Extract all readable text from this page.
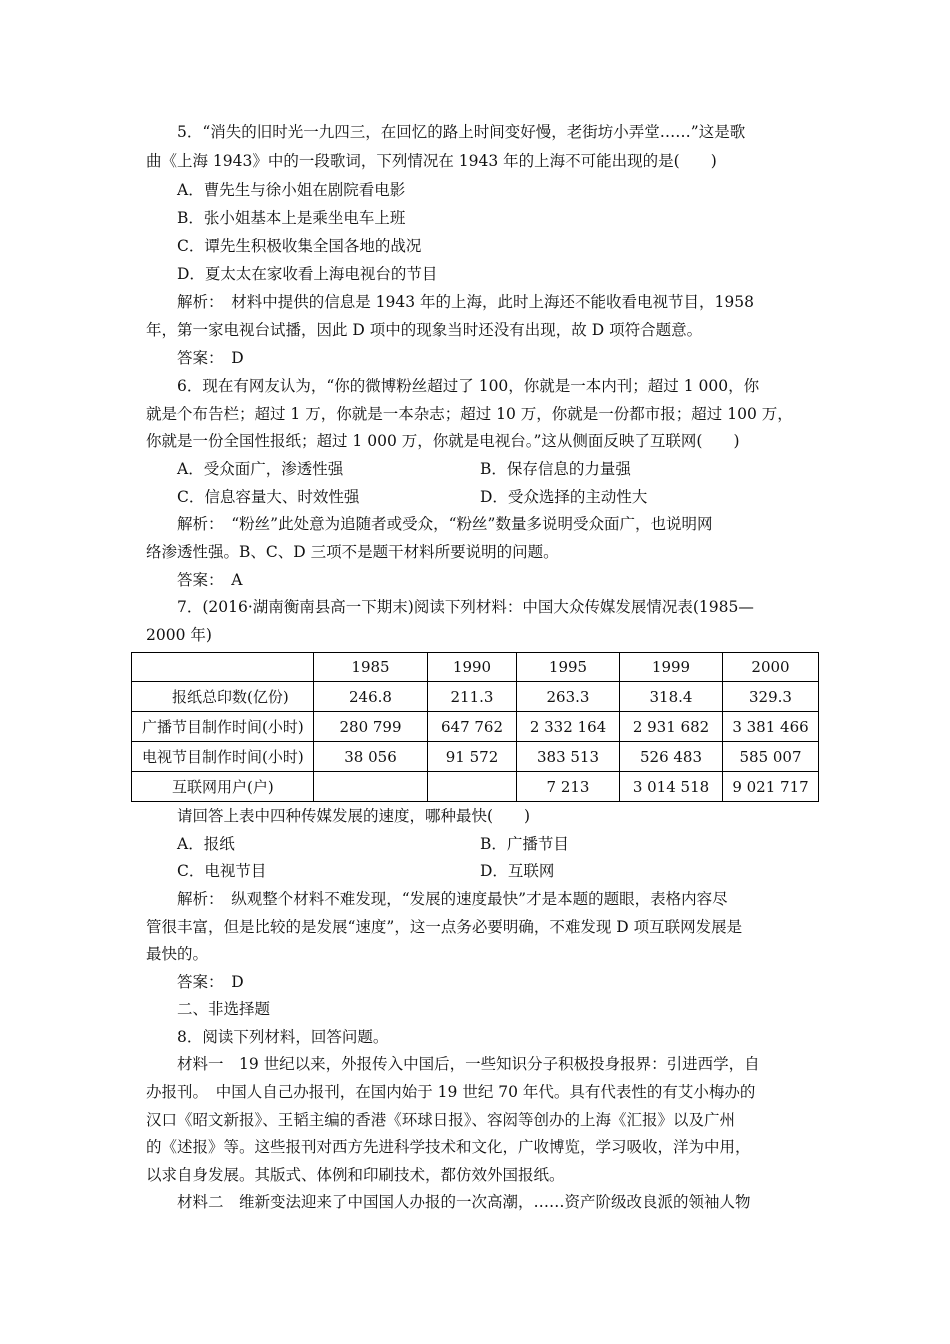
5．“消失的旧时光一九四三，在回忆的路上时间变好慢，老街坊小弄堂……”这是歌
曲《上海 1943》中的一段歌词，下列情况在 1943 年的上海不可能出现的是(　　)
A．曹先生与徐小姐在剧院看电影
B．张小姐基本上是乘坐电车上班
C．谭先生积极收集全国各地的战况
D．夏太太在家收看上海电视台的节目
解析：　材料中提供的信息是 1943 年的上海，此时上海还不能收看电视节目，1958
年，第一家电视台试播，因此 D 项中的现象当时还没有出现，故 D 项符合题意。
答案：　D
6．现在有网友认为，“你的微博粉丝超过了 100，你就是一本内刊；超过 1 000，你
就是个布告栏；超过 1 万，你就是一本杂志；超过 10 万，你就是一份都市报；超过 100 万，
你就是一份全国性报纸；超过 1 000 万，你就是电视台。”这从侧面反映了互联网(　　)
A．受众面广，渗透性强	B．保存信息的力量强
C．信息容量大、时效性强	D．受众选择的主动性大
解析：　“粉丝”此处意为追随者或受众，“粉丝”数量多说明受众面广，也说明网
络渗透性强。B、C、D 三项不是题干材料所要说明的问题。
答案：　A
7．(2016·湖南衡南县高一下期末)阅读下列材料：中国大众传媒发展情况表(1985—
2000 年)
	1985	1990	1995	1999	2000
报纸总印数(亿份)	246.8	211.3	263.3	318.4	329.3
广播节目制作时间(小时)	280 799	647 762	2 332 164	2 931 682	3 381 466
电视节目制作时间(小时)	38 056	91 572	383 513	526 483	585 007
互联网用户(户)			7 213	3 014 518	9 021 717
请回答上表中四种传媒发展的速度，哪种最快(　　)
A．报纸	B．广播节目
C．电视节目	D．互联网
解析：　纵观整个材料不难发现，“发展的速度最快”才是本题的题眼，表格内容尽
管很丰富，但是比较的是发展“速度”，这一点务必要明确，不难发现 D 项互联网发展是
最快的。
答案：　D
二、非选择题
8．阅读下列材料，回答问题。
材料一　19 世纪以来，外报传入中国后，一些知识分子积极投身报界：引进西学，自
办报刊。　中国人自己办报刊，在国内始于 19 世纪 70 年代。具有代表性的有艾小梅办的
汉口《昭文新报》、王韬主编的香港《环球日报》、容闳等创办的上海《汇报》以及广州
的《述报》等。这些报刊对西方先进科学技术和文化，广收博览，学习吸收，洋为中用，
以求自身发展。其版式、体例和印刷技术，都仿效外国报纸。
材料二　维新变法迎来了中国国人办报的一次高潮，……资产阶级改良派的领袖人物
